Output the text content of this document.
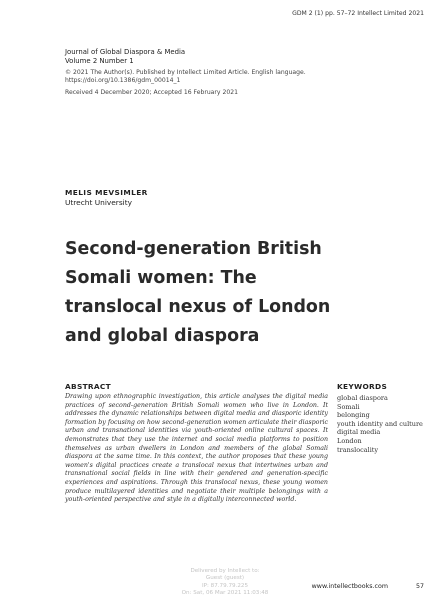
GDM 2 (1) pp. 57–72 Intellect Limited 2021
Journal of Global Diaspora & Media
Volume 2 Number 1
© 2021 The Author(s). Published by Intellect Limited Article. English language.
https://doi.org/10.1386/gdm_00014_1
Received 4 December 2020; Accepted 16 February 2021
MELIS MEVSIMLER
Utrecht University
Second-generation British
Somali women: The
translocal nexus of London
and global diaspora
ABSTRACT
Drawing upon ethnographic investigation, this article analyses the digital media practices of second-generation British Somali women who live in London. It addresses the dynamic relationships between digital media and diasporic identity formation by focusing on how second-generation women articulate their diasporic urban and transnational identities via youth-oriented online cultural spaces. It demonstrates that they use the internet and social media platforms to position themselves as urban dwellers in London and members of the global Somali diaspora at the same time. In this context, the author proposes that these young women's digital practices create a translocal nexus that intertwines urban and transnational social fields in line with their gendered and generation-specific experiences and aspirations. Through this translocal nexus, these young women produce multilayered identities and negotiate their multiple belongings with a youth-oriented perspective and style in a digitally interconnected world.
KEYWORDS
global diaspora
Somali
belonging
youth identity and culture
digital media
London
translocality
Delivered by Intellect to:
Guest (guest)
IP: 87.79.79.225
On: Sat, 06 Mar 2021 11:03:48
www.intellectbooks.com	57
